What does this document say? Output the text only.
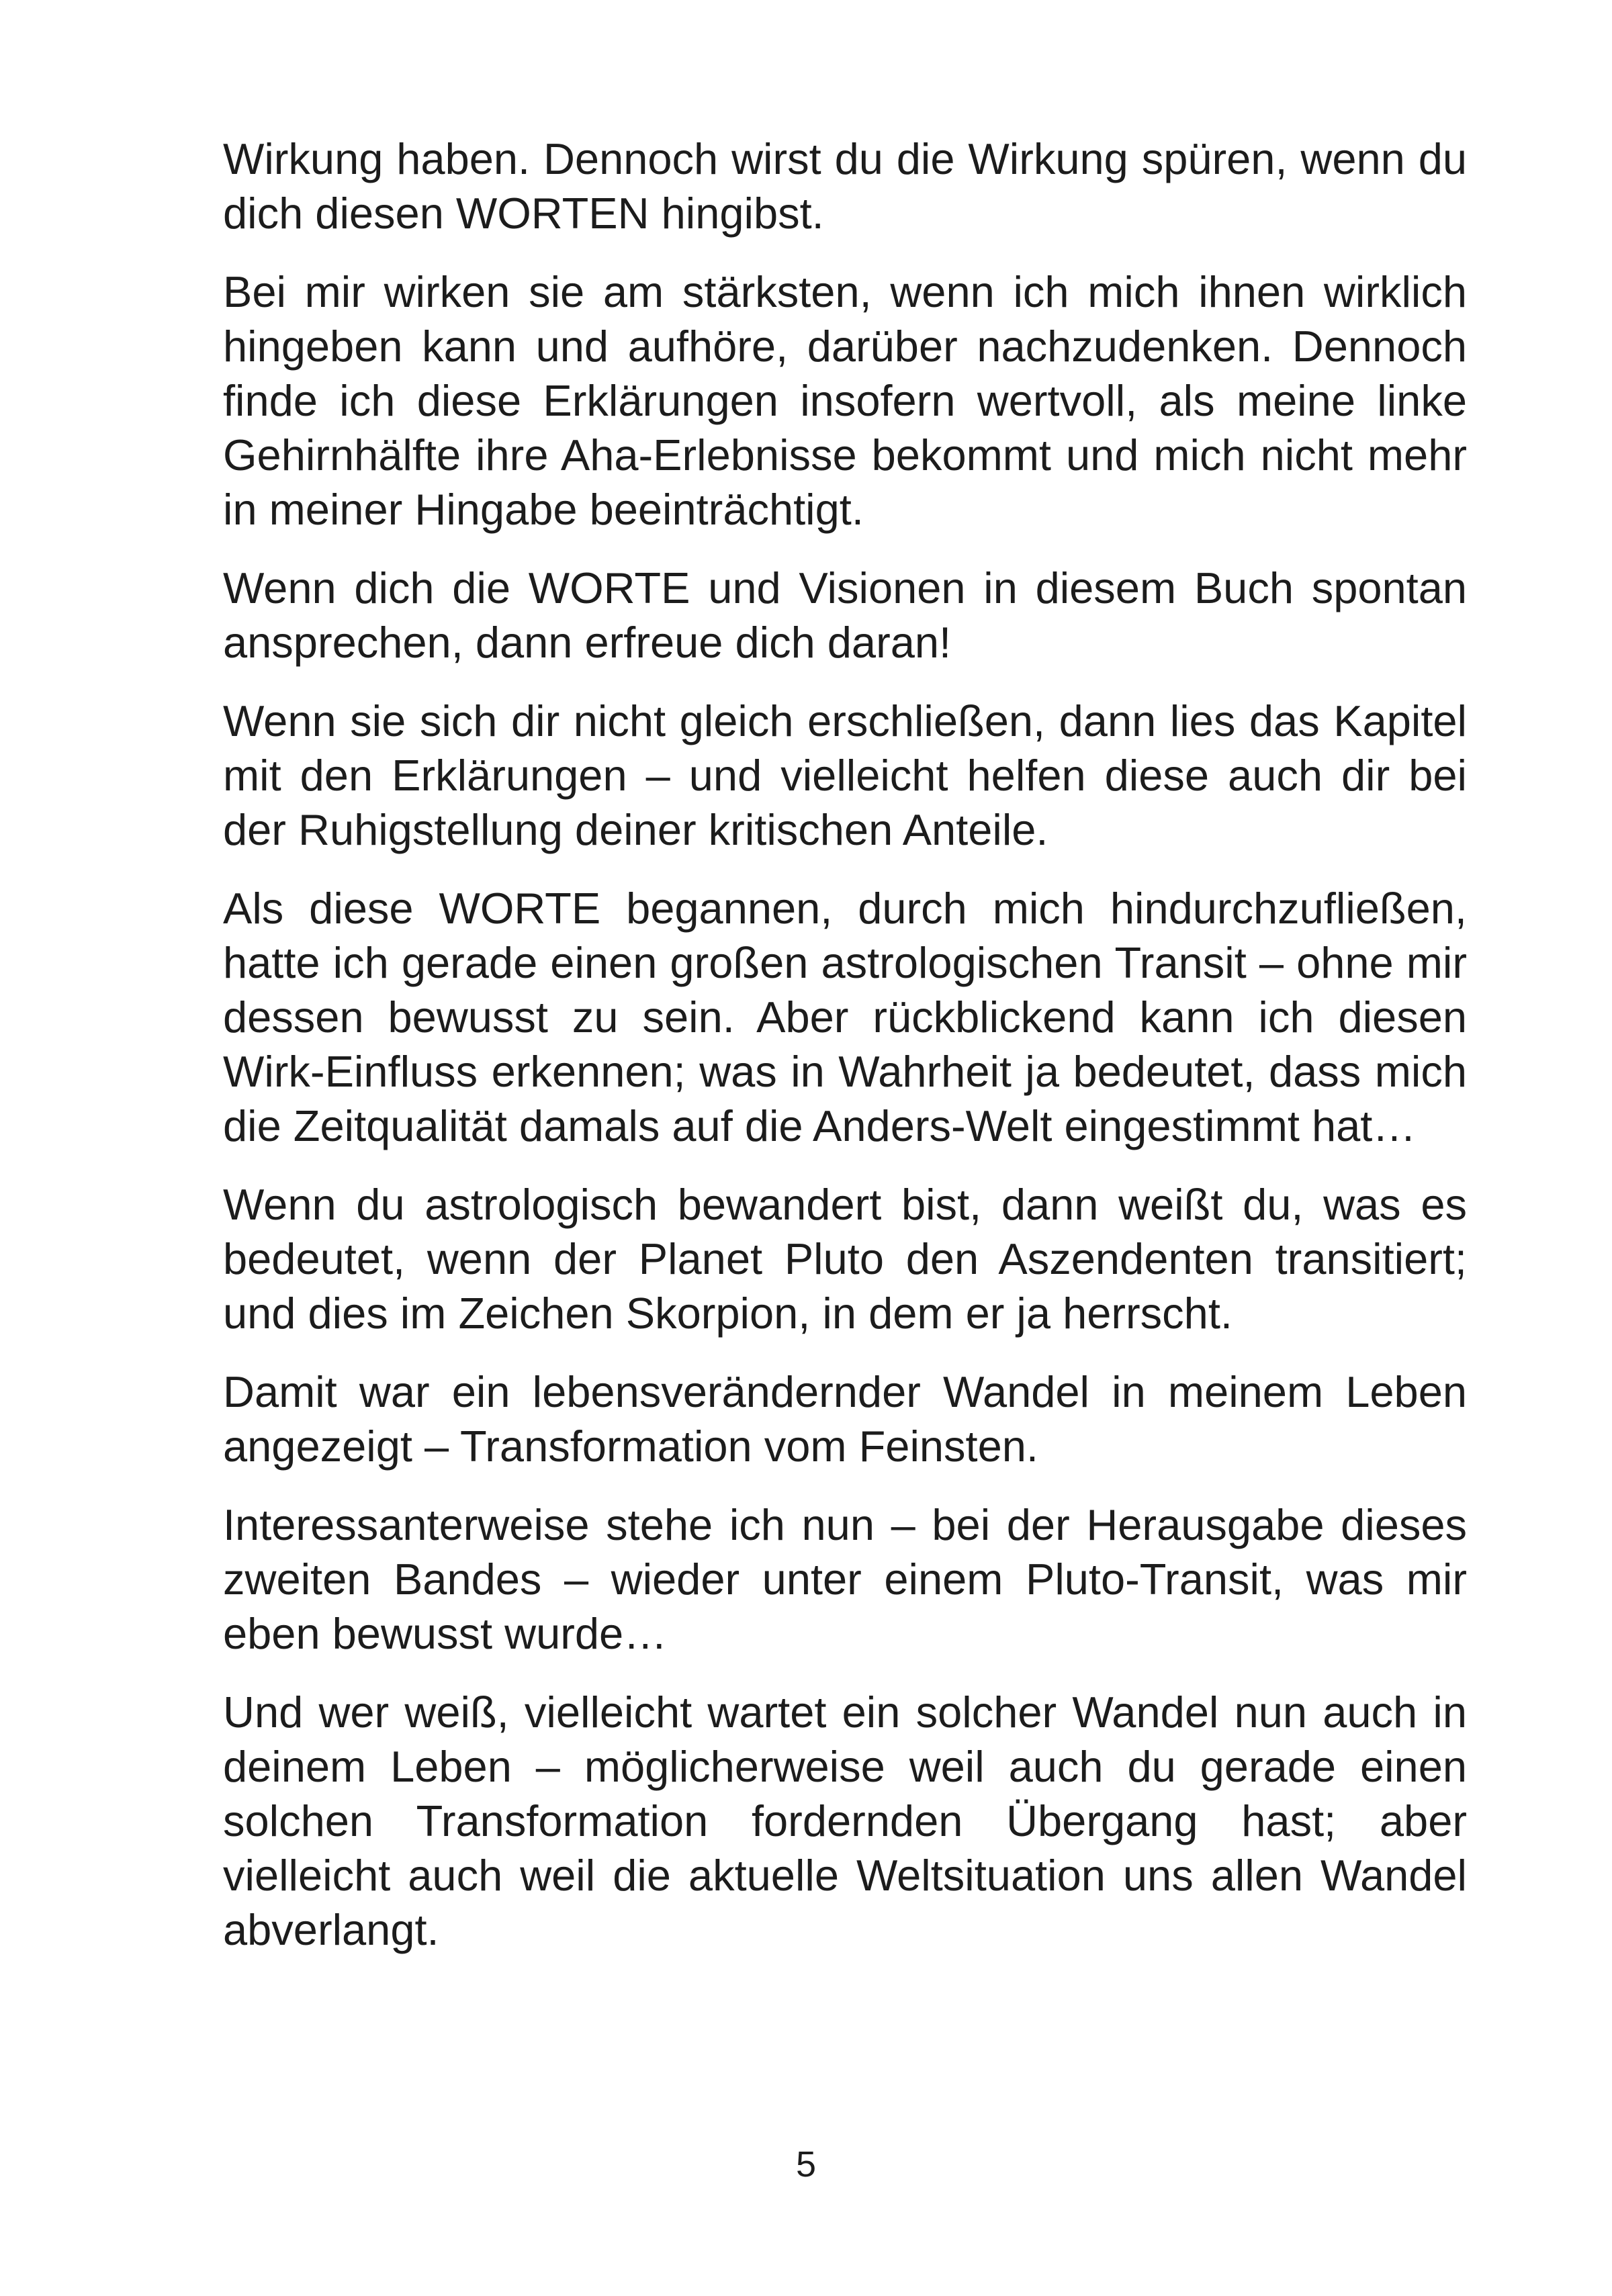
Wirkung haben. Dennoch wirst du die Wirkung spüren, wenn du dich diesen WORTEN hingibst.

Bei mir wirken sie am stärksten, wenn ich mich ihnen wirklich hingeben kann und aufhöre, darüber nachzudenken. Dennoch finde ich diese Erklärungen insofern wertvoll, als meine linke Gehirnhälfte ihre Aha-Erlebnisse bekommt und mich nicht mehr in meiner Hingabe beeinträchtigt.

Wenn dich die WORTE und Visionen in diesem Buch spontan ansprechen, dann erfreue dich daran!

Wenn sie sich dir nicht gleich erschließen, dann lies das Kapitel mit den Erklärungen – und vielleicht helfen diese auch dir bei der Ruhigstellung deiner kritischen Anteile.

Als diese WORTE begannen, durch mich hindurchzufließen, hatte ich gerade einen großen astrologischen Transit – ohne mir dessen bewusst zu sein. Aber rückblickend kann ich diesen Wirk-Einfluss erkennen; was in Wahrheit ja bedeutet, dass mich die Zeitqualität damals auf die Anders-Welt eingestimmt hat…

Wenn du astrologisch bewandert bist, dann weißt du, was es bedeutet, wenn der Planet Pluto den Aszendenten transitiert; und dies im Zeichen Skorpion, in dem er ja herrscht.

Damit war ein lebensverändernder Wandel in meinem Leben angezeigt – Transformation vom Feinsten.

Interessanterweise stehe ich nun – bei der Herausgabe dieses zweiten Bandes – wieder unter einem Pluto-Transit, was mir eben bewusst wurde…

Und wer weiß, vielleicht wartet ein solcher Wandel nun auch in deinem Leben – möglicherweise weil auch du gerade einen solchen Transformation fordernden Übergang hast; aber vielleicht auch weil die aktuelle Weltsituation uns allen Wandel abverlangt.

5
